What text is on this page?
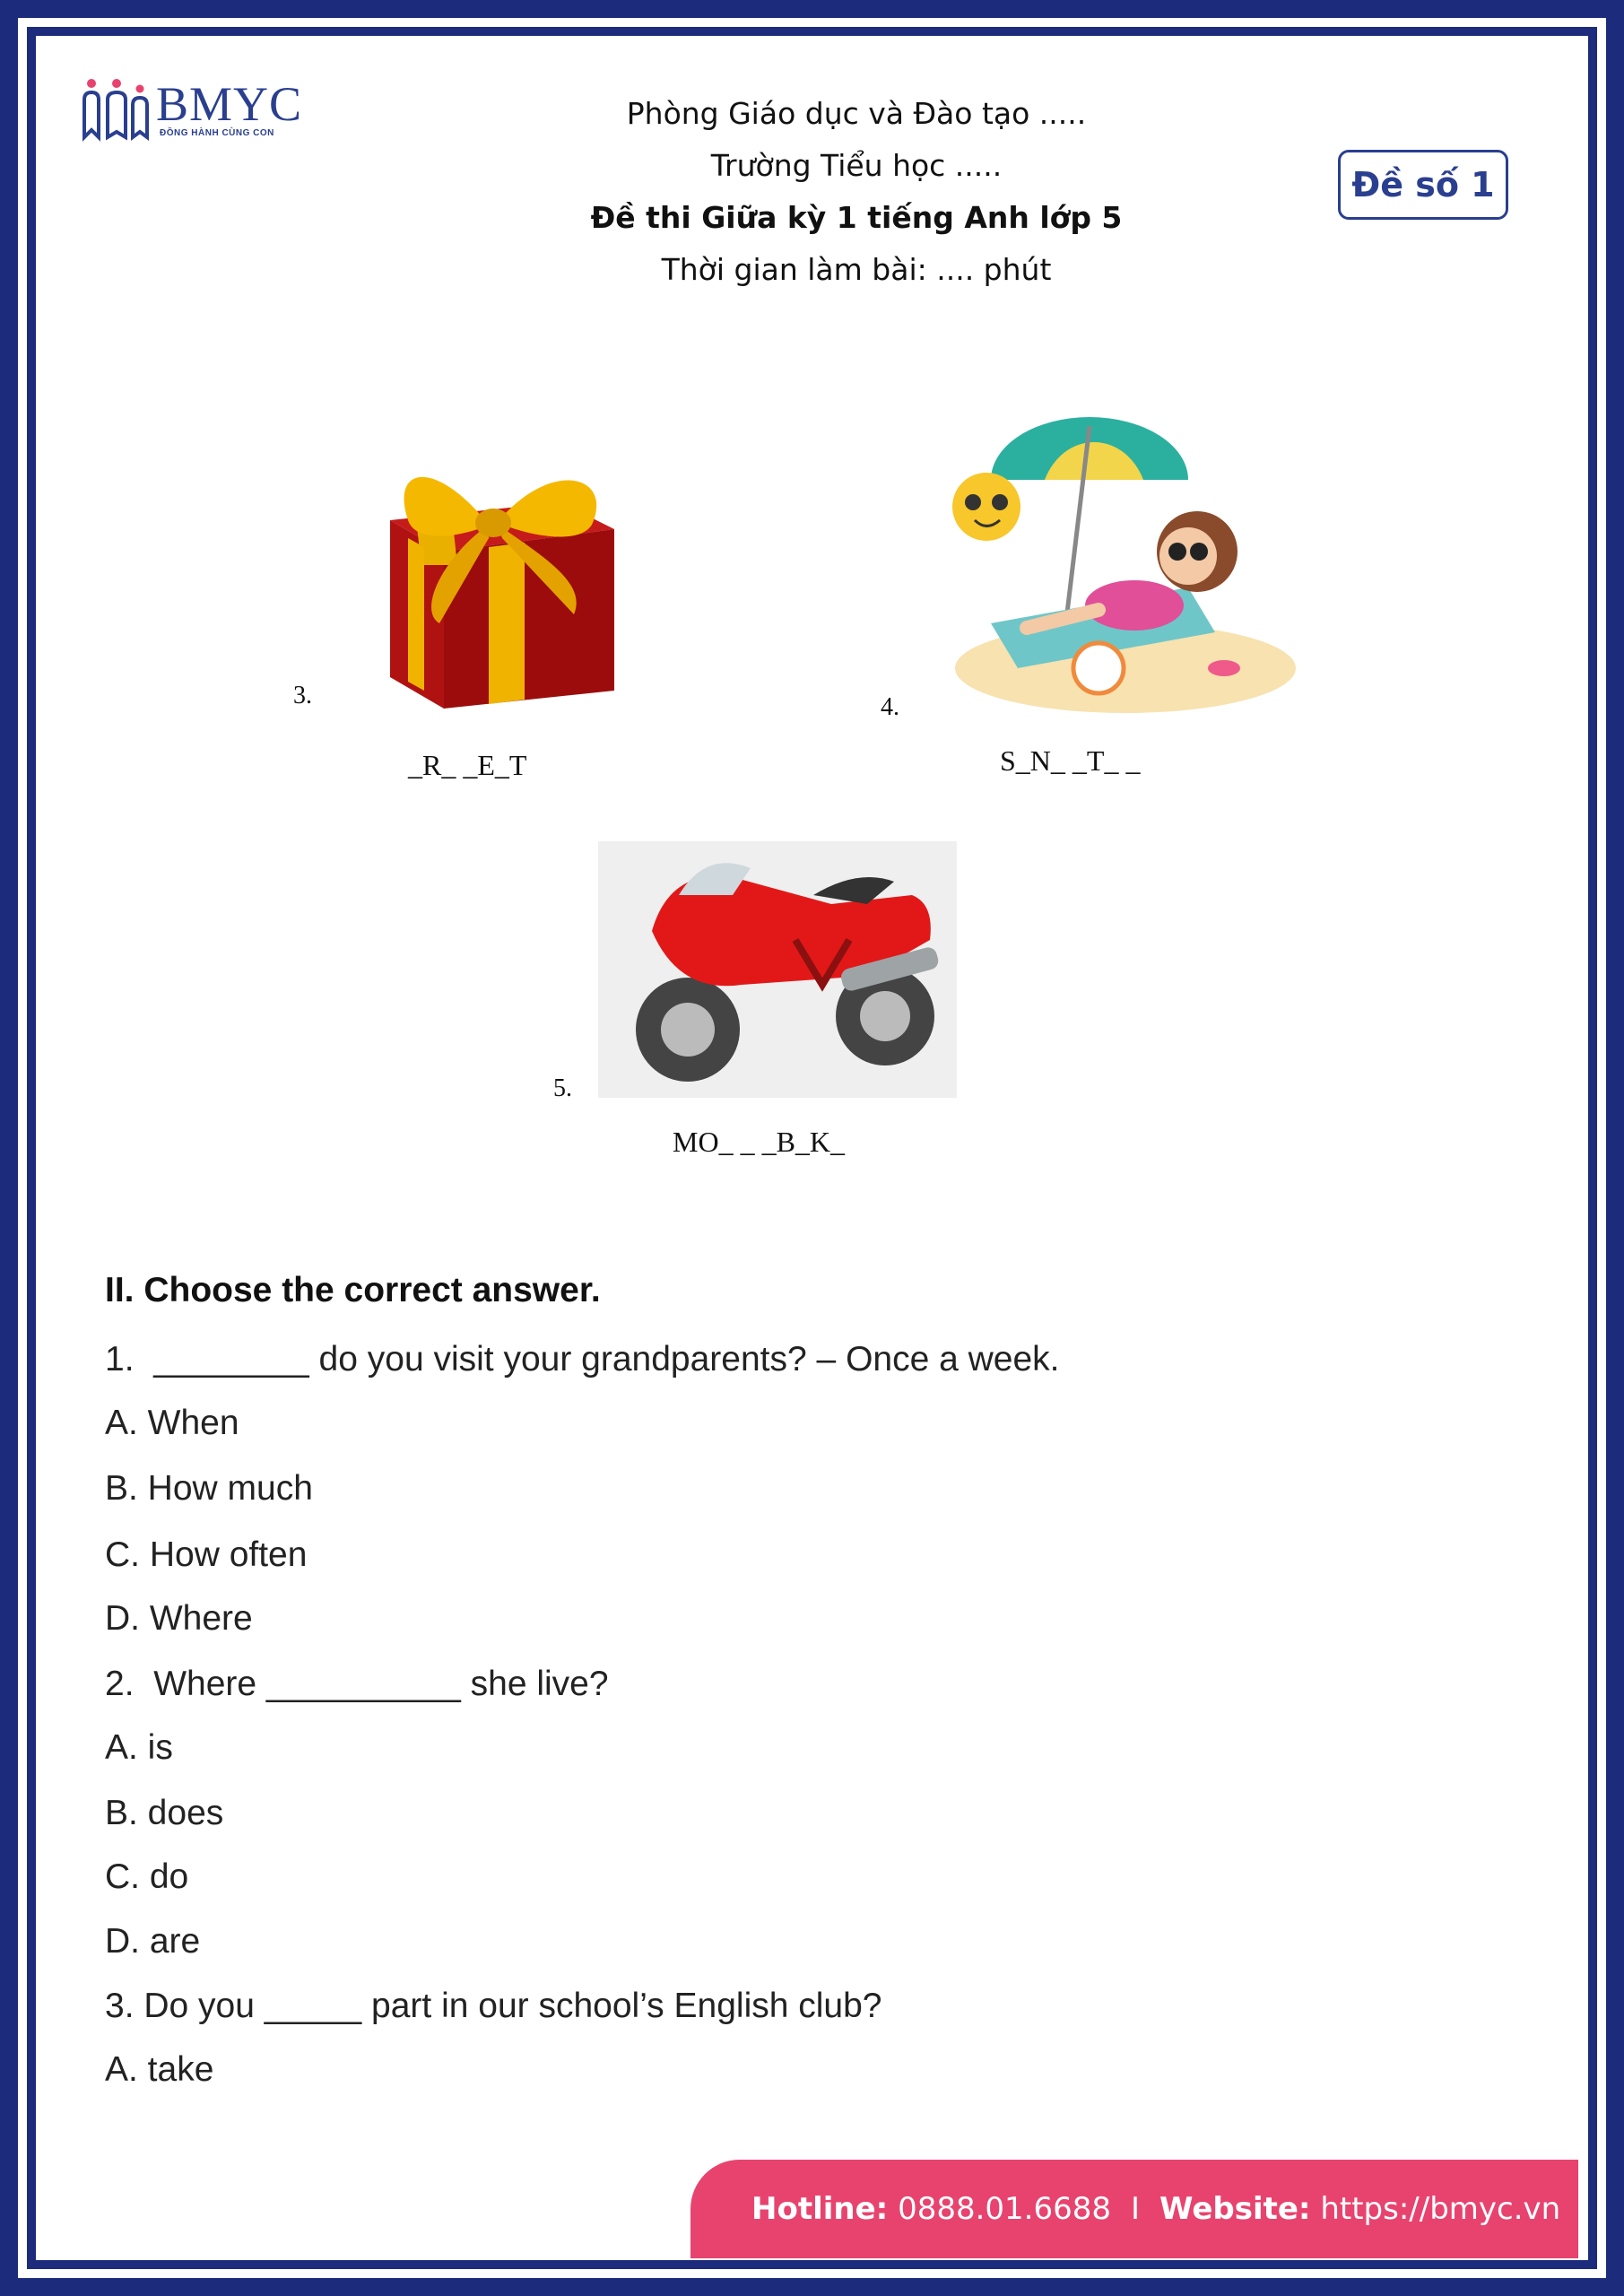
BMYC
ĐỒNG HÀNH CÙNG CON
Phòng Giáo dục và Đào tạo .....
Trường Tiểu học .....
Đề thi Giữa kỳ 1 tiếng Anh lớp 5
Thời gian làm bài: .... phút
Đề số 1
3.
_R_ _E_T
4.
S_N_ _T_ _
5.
MO_ _ _B_K_
II. Choose the correct answer.
1.  ________ do you visit your grandparents? – Once a week.
A. When
B. How much
C. How often
D. Where
2.  Where __________ she live?
A. is
B. does
C. do
D. are
3. Do you _____ part in our school’s English club?
A. take
Hotline:
0888.01.6688 I Website:
https://bmyc.vn
